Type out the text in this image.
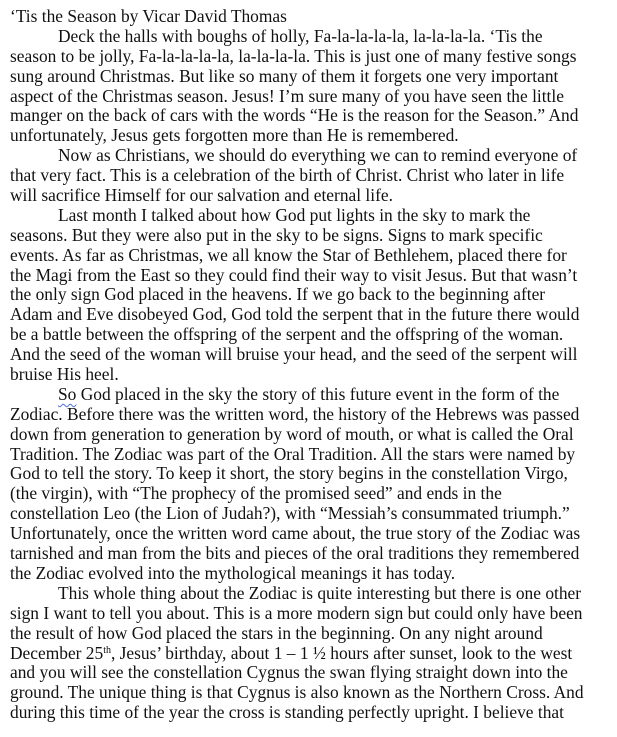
‘Tis the Season by Vicar David Thomas
Deck the halls with boughs of holly, Fa-la-la-la-la, la-la-la-la. ‘Tis the
season to be jolly, Fa-la-la-la-la, la-la-la-la. This is just one of many festive songs
sung around Christmas. But like so many of them it forgets one very important
aspect of the Christmas season. Jesus! I’m sure many of you have seen the little
manger on the back of cars with the words “He is the reason for the Season.” And
unfortunately, Jesus gets forgotten more than He is remembered.
Now as Christians, we should do everything we can to remind everyone of
that very fact. This is a celebration of the birth of Christ. Christ who later in life
will sacrifice Himself for our salvation and eternal life.
Last month I talked about how God put lights in the sky to mark the
seasons. But they were also put in the sky to be signs. Signs to mark specific
events. As far as Christmas, we all know the Star of Bethlehem, placed there for
the Magi from the East so they could find their way to visit Jesus. But that wasn’t
the only sign God placed in the heavens. If we go back to the beginning after
Adam and Eve disobeyed God, God told the serpent that in the future there would
be a battle between the offspring of the serpent and the offspring of the woman.
And the seed of the woman will bruise your head, and the seed of the serpent will
bruise His heel.
So God placed in the sky the story of this future event in the form of the
Zodiac. Before there was the written word, the history of the Hebrews was passed
down from generation to generation by word of mouth, or what is called the Oral
Tradition. The Zodiac was part of the Oral Tradition. All the stars were named by
God to tell the story. To keep it short, the story begins in the constellation Virgo,
(the virgin), with “The prophecy of the promised seed” and ends in the
constellation Leo (the Lion of Judah?), with “Messiah’s consummated triumph.”
Unfortunately, once the written word came about, the true story of the Zodiac was
tarnished and man from the bits and pieces of the oral traditions they remembered
the Zodiac evolved into the mythological meanings it has today.
This whole thing about the Zodiac is quite interesting but there is one other
sign I want to tell you about. This is a more modern sign but could only have been
the result of how God placed the stars in the beginning. On any night around
December 25th, Jesus’ birthday, about 1 – 1 ½ hours after sunset, look to the west
and you will see the constellation Cygnus the swan flying straight down into the
ground. The unique thing is that Cygnus is also known as the Northern Cross. And
during this time of the year the cross is standing perfectly upright. I believe that
